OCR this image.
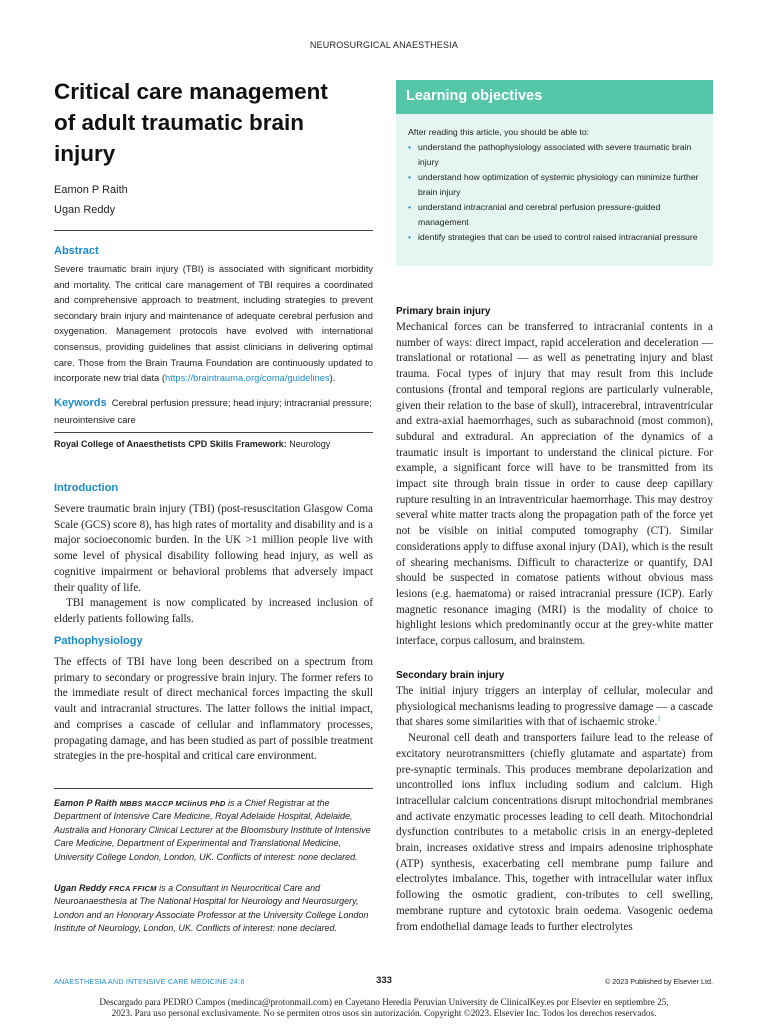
NEUROSURGICAL ANAESTHESIA
Critical care management
of adult traumatic brain
injury
Eamon P Raith
Ugan Reddy
Abstract
Severe traumatic brain injury (TBI) is associated with significant morbidity and mortality. The critical care management of TBI requires a coordinated and comprehensive approach to treatment, including strategies to prevent secondary brain injury and maintenance of adequate cerebral perfusion and oxygenation. Management protocols have evolved with international consensus, providing guidelines that assist clinicians in delivering optimal care. Those from the Brain Trauma Foundation are continuously updated to incorporate new trial data (https://braintrauma.org/coma/guidelines).
Keywords Cerebral perfusion pressure; head injury; intracranial pressure; neurointensive care
Royal College of Anaesthetists CPD Skills Framework: Neurology
Introduction

Severe traumatic brain injury (TBI) (post-resuscitation Glasgow Coma Scale (GCS) score 8), has high rates of mortality and disability and is a major socioeconomic burden. In the UK >1 million people live with some level of physical disability following head injury, as well as cognitive impairment or behavioral problems that adversely impact their quality of life.

TBI management is now complicated by increased inclusion of elderly patients following falls.

Pathophysiology

The effects of TBI have long been described on a spectrum from primary to secondary or progressive brain injury. The former refers to the immediate result of direct mechanical forces impacting the skull vault and intracranial structures. The latter follows the initial impact, and comprises a cascade of cellular and inflammatory processes, propagating damage, and has been studied as part of possible treatment strategies in the pre-hospital and critical care environment.

Eamon P Raith MBBS MACCP MClinUS PhD is a Chief Registrar at the Department of Intensive Care Medicine, Royal Adelaide Hospital, Adelaide, Australia and Honorary Clinical Lecturer at the Bloomsbury Institute of Intensive Care Medicine, Department of Experimental and Translational Medicine, University College London, London, UK. Conflicts of interest: none declared.
Ugan Reddy FRCA FFICM is a Consultant in Neurocritical Care and Neuroanaesthesia at The National Hospital for Neurology and Neurosurgery, London and an Honorary Associate Professor at the University College London Institute of Neurology, London, UK. Conflicts of interest: none declared.
Learning objectives
After reading this article, you should be able to:
• understand the pathophysiology associated with severe traumatic brain injury
• understand how optimization of systemic physiology can minimize further brain injury
• understand intracranial and cerebral perfusion pressure-guided management
• identify strategies that can be used to control raised intracranial pressure
Primary brain injury

Mechanical forces can be transferred to intracranial contents in a number of ways: direct impact, rapid acceleration and deceleration — translational or rotational — as well as penetrating injury and blast trauma. Focal types of injury that may result from this include contusions (frontal and temporal regions are particularly vulnerable, given their relation to the base of skull), intracerebral, intraventricular and extra-axial haemorrhages, such as subarachnoid (most common), subdural and extradural. An appreciation of the dynamics of a traumatic insult is important to understand the clinical picture. For example, a significant force will have to be transmitted from its impact site through brain tissue in order to cause deep capillary rupture resulting in an intraventricular haemorrhage. This may destroy several white matter tracts along the propagation path of the force yet not be visible on initial computed tomography (CT). Similar considerations apply to diffuse axonal injury (DAI), which is the result of shearing mechanisms. Difficult to characterize or quantify, DAI should be suspected in comatose patients without obvious mass lesions (e.g. haematoma) or raised intracranial pressure (ICP). Early magnetic resonance imaging (MRI) is the modality of choice to highlight lesions which predominantly occur at the grey-white matter interface, corpus callosum, and brainstem.

Secondary brain injury

The initial injury triggers an interplay of cellular, molecular and physiological mechanisms leading to progressive damage — a cascade that shares some similarities with that of ischaemic stroke.$^1$

Neuronal cell death and transporters failure lead to the release of excitatory neurotransmitters (chiefly glutamate and aspartate) from pre-synaptic terminals. This produces membrane depolarization and uncontrolled ions influx including sodium and calcium. High intracellular calcium concentrations disrupt mitochondrial membranes and activate enzymatic processes leading to cell death. Mitochondrial dysfunction contributes to a metabolic crisis in an energy-depleted brain, increases oxidative stress and impairs adenosine triphosphate (ATP) synthesis, exacerbating cell membrane pump failure and electrolytes imbalance. This, together with intracellular water influx following the osmotic gradient, con-tributes to cell swelling, membrane rupture and cytotoxic brain oedema. Vasogenic oedema from endothelial damage leads to further electrolytes

ANAESTHESIA AND INTENSIVE CARE MEDICINE 24:6	333	© 2023 Published by Elsevier Ltd.
Descargado para PEDRO Campos (medinca@protonmail.com) en Cayetano Heredia Peruvian University de ClinicalKey.es por Elsevier en septiembre 25,
2023. Para uso personal exclusivamente. No se permiten otros usos sin autorización. Copyright ©2023. Elsevier Inc. Todos los derechos reservados.
